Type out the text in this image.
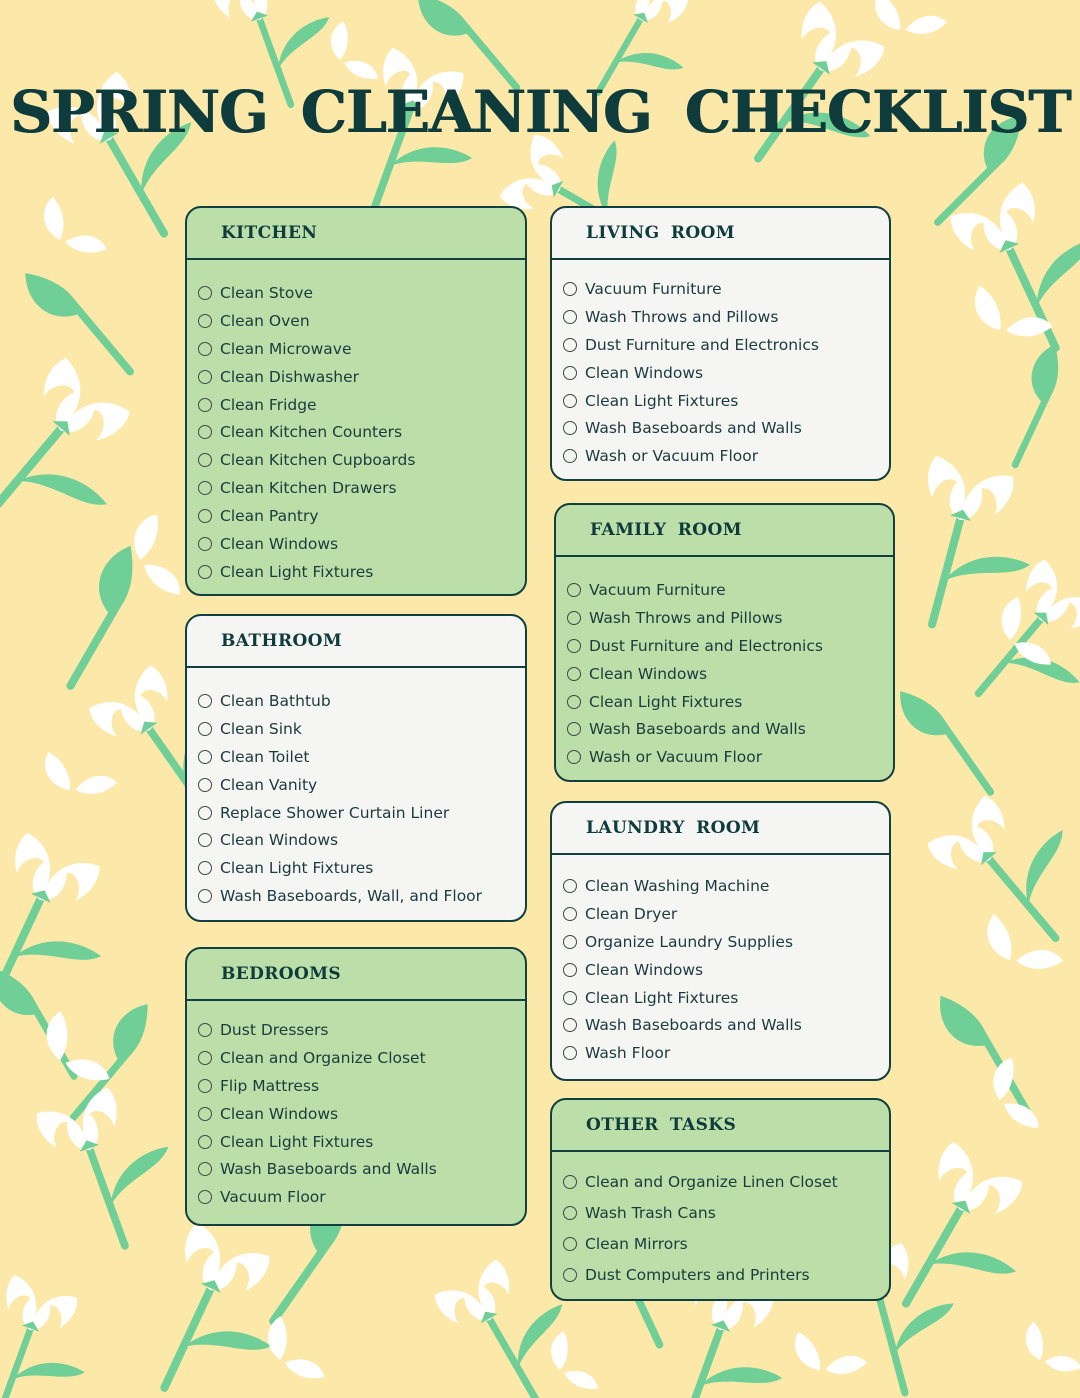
SPRING CLEANING CHECKLIST
KITCHEN
Clean Stove
Clean Oven
Clean Microwave
Clean Dishwasher
Clean Fridge
Clean Kitchen Counters
Clean Kitchen Cupboards
Clean Kitchen Drawers
Clean Pantry
Clean Windows
Clean Light Fixtures
BATHROOM
Clean Bathtub
Clean Sink
Clean Toilet
Clean Vanity
Replace Shower Curtain Liner
Clean Windows
Clean Light Fixtures
Wash Baseboards, Wall, and Floor
BEDROOMS
Dust Dressers
Clean and Organize Closet
Flip Mattress
Clean Windows
Clean Light Fixtures
Wash Baseboards and Walls
Vacuum Floor
LIVING ROOM
Vacuum Furniture
Wash Throws and Pillows
Dust Furniture and Electronics
Clean Windows
Clean Light Fixtures
Wash Baseboards and Walls
Wash or Vacuum Floor
FAMILY ROOM
Vacuum Furniture
Wash Throws and Pillows
Dust Furniture and Electronics
Clean Windows
Clean Light Fixtures
Wash Baseboards and Walls
Wash or Vacuum Floor
LAUNDRY ROOM
Clean Washing Machine
Clean Dryer
Organize Laundry Supplies
Clean Windows
Clean Light Fixtures
Wash Baseboards and Walls
Wash Floor
OTHER TASKS
Clean and Organize Linen Closet
Wash Trash Cans
Clean Mirrors
Dust Computers and Printers
